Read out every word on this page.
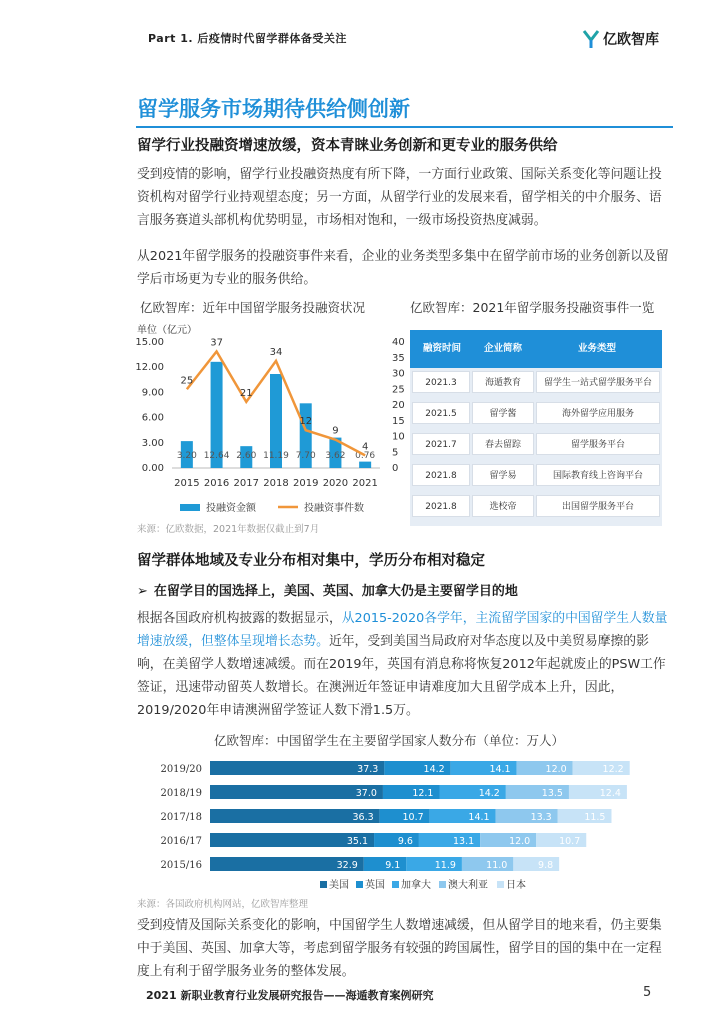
Part 1. 后疫情时代留学群体备受关注	亿欧智库
留学服务市场期待供给侧创新
留学行业投融资增速放缓，资本青睐业务创新和更专业的服务供给
受到疫情的影响，留学行业投融资热度有所下降，一方面行业政策、国际关系变化等问题让投资机构对留学行业持观望态度；另一方面，从留学行业的发展来看，留学相关的中介服务、语言服务赛道头部机构优势明显，市场相对饱和，一级市场投资热度减弱。
从2021年留学服务的投融资事件来看，企业的业务类型多集中在留学前市场的业务创新以及留学后市场更为专业的服务供给。
亿欧智库：近年中国留学服务投融资状况	亿欧智库：2021年留学服务投融资事件一览
单位（亿元）
15.00
12.00
9.00
6.00
3.00
0.00
40
35
30
25
20
15
10
5
0
3.20
2015
12.64
2016
2.60
2017
11.19
2018
7.70
2019
3.62
2020
0.76
2021
25
37
21
34
12
9
4
投融资金额	投融资事件数
融资时间	企业简称	业务类型
2021.3	海遁教育	留学生一站式留学服务平台
2021.5	留学酱	海外留学应用服务
2021.7	春去留踪	留学服务平台
2021.8	留学易	国际教育线上咨询平台
2021.8	选校帝	出国留学服务平台
来源：亿欧数据，2021年数据仅截止到7月
留学群体地域及专业分布相对集中，学历分布相对稳定
➢ 在留学目的国选择上，美国、英国、加拿大仍是主要留学目的地
根据各国政府机构披露的数据显示，从2015-2020各学年，主流留学国家的中国留学生人数量增速放缓，但整体呈现增长态势。近年，受到美国当局政府对华态度以及中美贸易摩擦的影响，在美留学人数增速减缓。而在2019年，英国有消息称将恢复2012年起就废止的PSW工作签证，迅速带动留英人数增长。在澳洲近年签证申请难度加大且留学成本上升，因此，2019/2020年申请澳洲留学签证人数下滑1.5万。
亿欧智库：中国留学生在主要留学国家人数分布（单位：万人）
2019/20	37.3	14.2	14.1	12.0	12.2
2018/19	37.0	12.1	14.2	13.5	12.4
2017/18	36.3	10.7	14.1	13.3	11.5
2016/17	35.1	9.6	13.1	12.0	10.7
2015/16	32.9	9.1	11.9	11.0	9.8
美国 英国 加拿大 澳大利亚 日本
来源：各国政府机构网站，亿欧智库整理
受到疫情及国际关系变化的影响，中国留学生人数增速减缓，但从留学目的地来看，仍主要集中于美国、英国、加拿大等，考虑到留学服务有较强的跨国属性，留学目的国的集中在一定程度上有利于留学服务业务的整体发展。
2021 新职业教育行业发展研究报告——海遁教育案例研究	5
